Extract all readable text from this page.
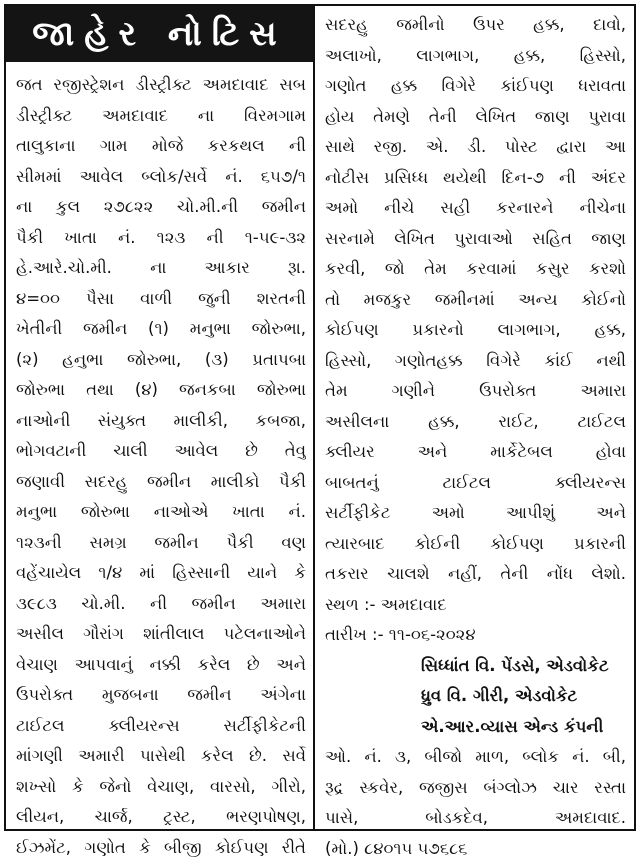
જાહેર નોટિસ
જત રજીસ્ટ્રેશન ડીસ્ટ્રીક્ટ અમદાવાદ સબ
ડીસ્ટ્રીક્ટ અમદાવાદ ના વિરમગામ
તાલુકાના ગામ મોજે કરકથલ ની
સીમમાં આવેલ બ્લોક/સર્વે નં. ૬૫૭/૧
ના કુલ ૨૭૮૨૨ ચો.મી.ની જમીન
પૈકી ખાતા નં. ૧૨૩ ની ૧-૫૯-૩૨
હે.આરે.ચો.મી. ના આકાર રૂા.
૪=૦૦ પૈસા વાળી જુની શરતની
ખેતીની જમીન (૧) મનુભા જોરુભા,
(૨) હનુભા જોરુભા, (૩) પ્રતાપબા
જોરુભા તથા (૪) જનકબા જોરુભા
નાઓની સંયુક્ત માલીકી, કબજા,
ભોગવટાની ચાલી આવેલ છે તેવુ
જણાવી સદરહુ જમીન માલીકો પૈકી
મનુભા જોરુભા નાઓએ ખાતા નં.
૧૨૩ની સમગ્ર જમીન પૈકી વણ
વહેંચાયેલ ૧/૪ માં હિસ્સાની યાને કે
૩૯૮૩ ચો.મી. ની જમીન અમારા
અસીલ ગૌરાંગ શાંતીલાલ પટેલનાઓને
વેચાણ આપવાનું નક્કી કરેલ છે અને
ઉપરોક્ત મુજબના જમીન અંગેના
ટાઈટલ ક્લીયરન્સ સર્ટીફીકેટની
માંગણી અમારી પાસેથી કરેલ છે. સર્વે
શખ્સો કે જેનો વેચાણ, વારસો, ગીરો,
લીયન, ચાર્જ, ટ્રસ્ટ, ભરણપોષણ,
ઈઝમેંટ, ગણોત કે બીજી કોઈપણ રીતે
સદરહુ જમીનો ઉપર હક્ક, દાવો,
અલાખો, લાગભાગ, હક્ક, હિસ્સો,
ગણોત હક્ક વિગેરે કાંઈપણ ધરાવતા
હોય તેમણે તેની લેખિત જાણ પુરાવા
સાથે રજી. એ. ડી. પોસ્ટ દ્વારા આ
નોટીસ પ્રસિધ્ધ થયેથી દિન-૭ ની અંદર
અમો નીચે સહી કરનારને નીચેના
સરનામે લેખિત પુરાવાઓ સહિત જાણ
કરવી, જો તેમ કરવામાં કસુર કરશો
તો મજકુર જમીનમાં અન્ય કોઈનો
કોઈપણ પ્રકારનો લાગભાગ, હક્ક,
હિસ્સો, ગણોતહક્ક વિગેરે કાંઈ નથી
તેમ ગણીને ઉપરોક્ત અમારા
અસીલના હક્ક, રાઈટ, ટાઈટલ
ક્લીયર અને માર્કેટેબલ હોવા
બાબતનું ટાઈટલ ક્લીયરન્સ
સર્ટીફીકેટ અમો આપીશું અને
ત્યારબાદ કોઈની કોઈપણ પ્રકારની
તકરાર ચાલશે નહીં, તેની નોંધ લેશો.
સ્થળ :- અમદાવાદ
તારીખ :- ૧૧-૦૬-૨૦૨૪
સિધ્ધાંત વિ. પેંડસે, એડવોકેટ
ધ્રુવ વિ. ગીરી, એડવોકેટ
એ.આર.વ્યાસ એન્ડ કંપની
ઓ. નં. ૩, બીજો માળ, બ્લોક નં. બી,
રૂદ્ર સ્કવેર, જજીસ બંગ્લોઝ ચાર રસ્તા
પાસે, બોડકદેવ, અમદાવાદ.
(મો.) ૮૪૦૧૫ ૫૭૬૮૬
